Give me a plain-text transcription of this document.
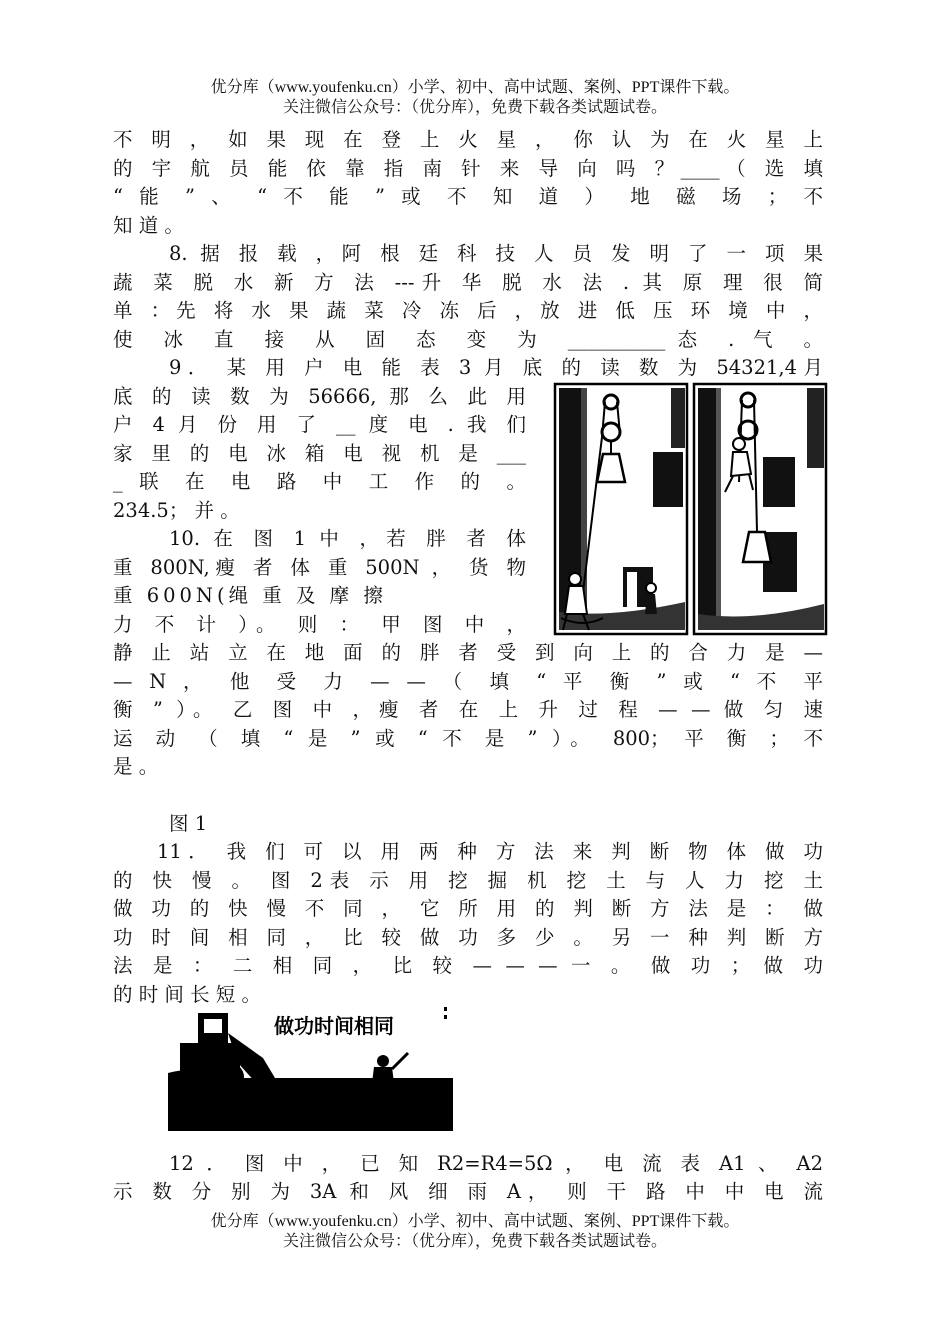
优分库（www.youfenku.cn）小学、初中、高中试题、案例、PPT课件下载。
关注微信公众号：（优分库），免费下载各类试题试卷。
不 明 ， 如 果 现 在 登 上 火 星 ， 你 认 为 在 火 星 上
的 宇 航 员 能 依 靠 指 南 针 来 导 向 吗 ？____（ 选 填
“ 能 ” 、 “ 不 能 ” 或 不 知 道 ） 地 磁 场 ； 不
知 道 。
8. 据 报 载 ，阿 根 廷 科 技 人 员 发 明 了 一 项 果
蔬 菜 脱 水 新 方 法 ---升 华 脱 水 法 . 其 原 理 很 简
单 ：先 将 水 果 蔬 菜 冷 冻 后 ，放 进 低 压 环 境 中 ，
使 冰 直 接 从 固 态 变 为 __________态 . 气 。
9． 某 用 户 电 能 表 3 月 底 的 读 数 为 54321,4月
底 的 读 数 为 56666, 那 么 此 用
户 4 月 份 用 了 __ 度 电 . 我 们
家 里 的 电 冰 箱 电 视 机 是 ___
_ 联 在 电 路 中 工 作 的 。
234.5； 并 。
10. 在 图 1 中 ，若 胖 者 体
重 800N,瘦 者 体 重 500N ， 货 物
重 600N(绳 重 及 摩 擦
力 不 计 ）。 则 ： 甲 图 中 ，
静 止 站 立 在 地 面 的 胖 者 受 到 向 上 的 合 力 是 —
— N ， 他 受 力 — — （ 填 “ 平 衡 ” 或 “ 不 平
衡 ” ）。 乙 图 中 ，瘦 者 在 上 升 过 程 — — 做 匀 速
运 动 （ 填 “ 是 ” 或 “ 不 是 ” ）。 800； 平 衡 ； 不
是 。
图 1
11． 我 们 可 以 用 两 种 方 法 来 判 断 物 体 做 功
的 快 慢 。 图 2表 示 用 挖 掘 机 挖 土 与 人 力 挖 土
做 功 的 快 慢 不 同 ， 它 所 用 的 判 断 方 法 是 ： 做
功 时 间 相 同 ， 比 较 做 功 多 少 。 另 一 种 判 断 方
法 是 ： 二 相 同 ， 比 较 — — — 一 。 做 功 ； 做 功
的 时 间 长 短 。
12 ． 图 中 ， 已 知 R2=R4=5Ω ， 电 流 表 A1 、 A2
示 数 分 别 为 3A 和 风 细 雨 A， 则 干 路 中 中 电 流
做功时间相同
优分库（www.youfenku.cn）小学、初中、高中试题、案例、PPT课件下载。
关注微信公众号：（优分库），免费下载各类试题试卷。
